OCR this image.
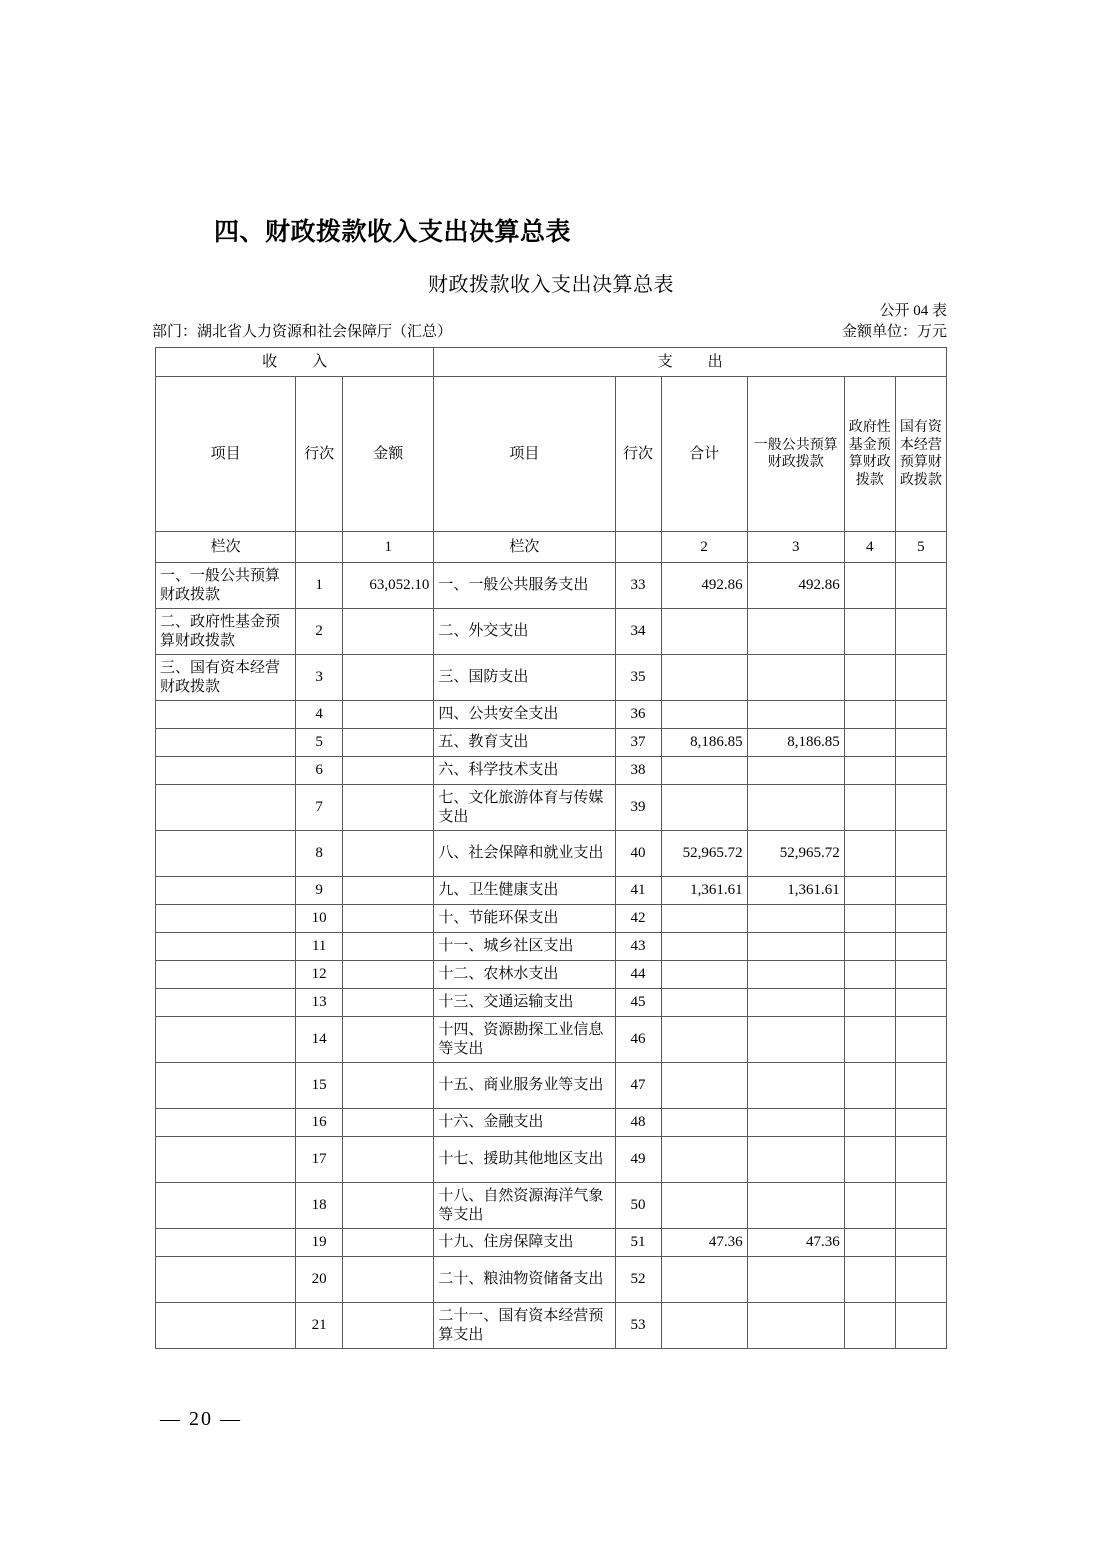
四、财政拨款收入支出决算总表
财政拨款收入支出决算总表
公开 04 表
部门：湖北省人力资源和社会保障厅（汇总）	金额单位：万元
收　入			支　出					
项目	行次	金额	项目	行次	合计	一般公共预算财政拨款	政府性基金预算财政拨款	国有资本经营预算财政拨款
栏次		1	栏次		2	3	4	5
一、一般公共预算财政拨款	1	63,052.10	一、一般公共服务支出	33	492.86	492.86		
二、政府性基金预算财政拨款	2		二、外交支出	34				
三、国有资本经营财政拨款	3		三、国防支出	35				
	4		四、公共安全支出	36				
	5		五、教育支出	37	8,186.85	8,186.85		
	6		六、科学技术支出	38				
	7		七、文化旅游体育与传媒支出	39				
	8		八、社会保障和就业支出	40	52,965.72	52,965.72		
	9		九、卫生健康支出	41	1,361.61	1,361.61		
	10		十、节能环保支出	42				
	11		十一、城乡社区支出	43				
	12		十二、农林水支出	44				
	13		十三、交通运输支出	45				
	14		十四、资源勘探工业信息等支出	46				
	15		十五、商业服务业等支出	47				
	16		十六、金融支出	48				
	17		十七、援助其他地区支出	49				
	18		十八、自然资源海洋气象等支出	50				
	19		十九、住房保障支出	51	47.36	47.36		
	20		二十、粮油物资储备支出	52				
	21		二十一、国有资本经营预算支出	53				
— 20 —
